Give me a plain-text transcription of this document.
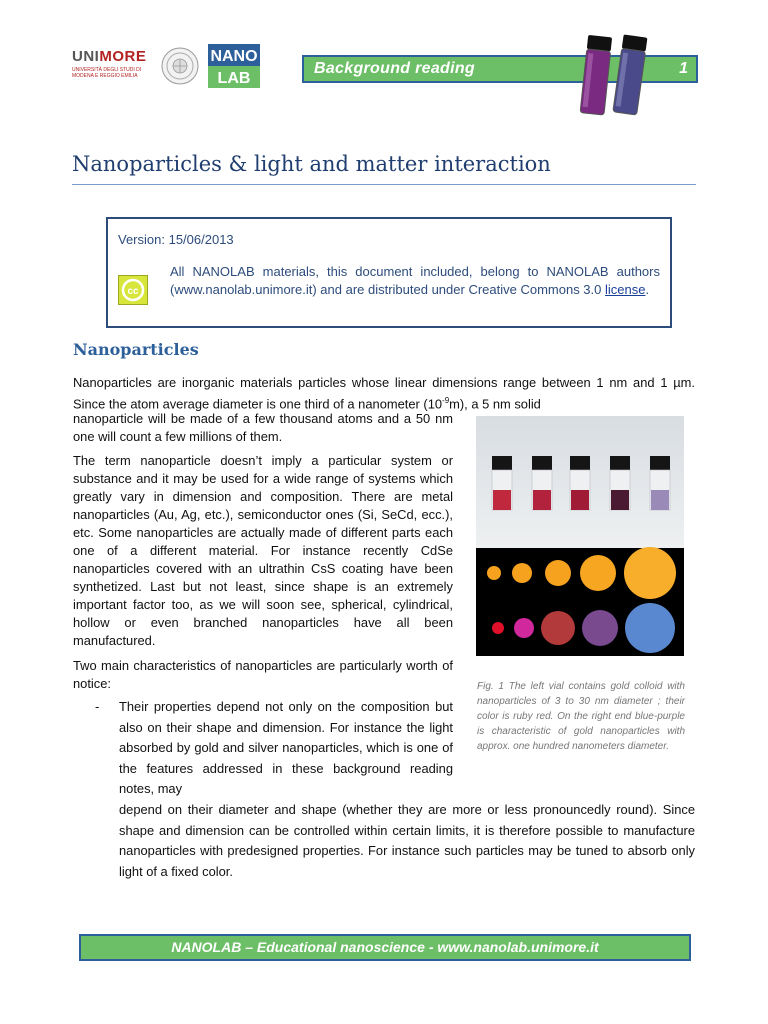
UNIMORE
UNIVERSITÀ DEGLI STUDI DI MODENA E REGGIO EMILIA
NANO
LAB
Background reading	1
Nanoparticles & light and matter interaction
Version: 15/06/2013
cc
All NANOLAB materials, this document included, belong to NANOLAB authors (www.nanolab.unimore.it) and are distributed under Creative Commons 3.0 license.
Nanoparticles
Nanoparticles are inorganic materials particles whose linear dimensions range between 1 nm and 1 µm. Since the atom average diameter is one third of a nanometer $(10^{-9}m)$, a 5 nm solid
nanoparticle will be made of a few thousand atoms and a 50 nm one will count a few millions of them.
The term nanoparticle doesn’t imply a particular system or substance and it may be used for a wide range of systems which greatly vary in dimension and composition. There are metal nanoparticles (Au, Ag, etc.), semiconductor ones (Si, SeCd, ecc.), etc. Some nanoparticles are actually made of different parts each one of a different material. For instance recently CdSe nanoparticles covered with an ultrathin CsS coating have been synthetized. Last but not least, since shape is an extremely important factor too, as we will soon see, spherical, cylindrical, hollow or even branched nanoparticles have all been manufactured.
Two main characteristics of nanoparticles are particularly worth of notice:
- Their properties depend not only on the composition but also on their shape and dimension. For instance the light absorbed by gold and silver nanoparticles, which is one of the features addressed in these background reading notes, may
depend on their diameter and shape (whether they are more or less pronouncedly round). Since shape and dimension can be controlled within certain limits, it is therefore possible to manufacture nanoparticles with predesigned properties. For instance such particles may be tuned to absorb only light of a fixed color.
Fig. 1 The left vial contains gold colloid with nanoparticles of 3 to 30 nm diameter ; their color is ruby red. On the right end blue-purple is characteristic of gold nanoparticles with approx. one hundred nanometers diameter.
NANOLAB – Educational nanoscience - www.nanolab.unimore.it
